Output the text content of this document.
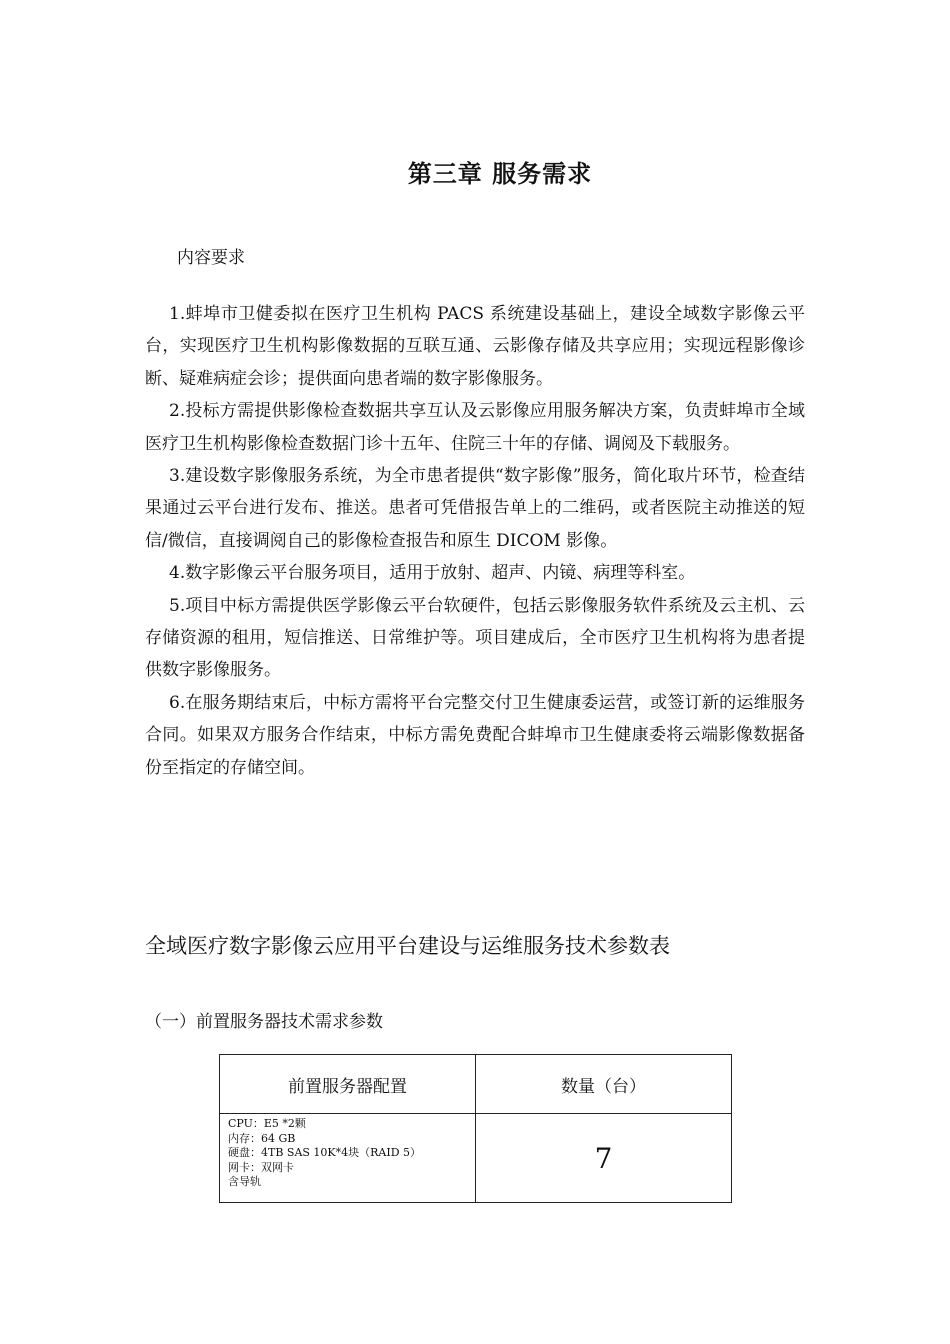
第三章 服务需求
内容要求

1.蚌埠市卫健委拟在医疗卫生机构 PACS 系统建设基础上，建设全域数字影像云平台，实现医疗卫生机构影像数据的互联互通、云影像存储及共享应用；实现远程影像诊断、疑难病症会诊；提供面向患者端的数字影像服务。

2.投标方需提供影像检查数据共享互认及云影像应用服务解决方案，负责蚌埠市全域医疗卫生机构影像检查数据门诊十五年、住院三十年的存储、调阅及下载服务。

3.建设数字影像服务系统，为全市患者提供“数字影像”服务，简化取片环节，检查结果通过云平台进行发布、推送。患者可凭借报告单上的二维码，或者医院主动推送的短信/微信，直接调阅自己的影像检查报告和原生 DICOM 影像。

4.数字影像云平台服务项目，适用于放射、超声、内镜、病理等科室。

5.项目中标方需提供医学影像云平台软硬件，包括云影像服务软件系统及云主机、云存储资源的租用，短信推送、日常维护等。项目建成后，全市医疗卫生机构将为患者提供数字影像服务。

6.在服务期结束后，中标方需将平台完整交付卫生健康委运营，或签订新的运维服务合同。如果双方服务合作结束，中标方需免费配合蚌埠市卫生健康委将云端影像数据备份至指定的存储空间。

全域医疗数字影像云应用平台建设与运维服务技术参数表
（一）前置服务器技术需求参数
前置服务器配置	数量（台）

CPU：E5 *2颗
内存：64 GB
硬盘：4TB SAS 10K*4块（RAID 5）
网卡：双网卡
含导轨	7
